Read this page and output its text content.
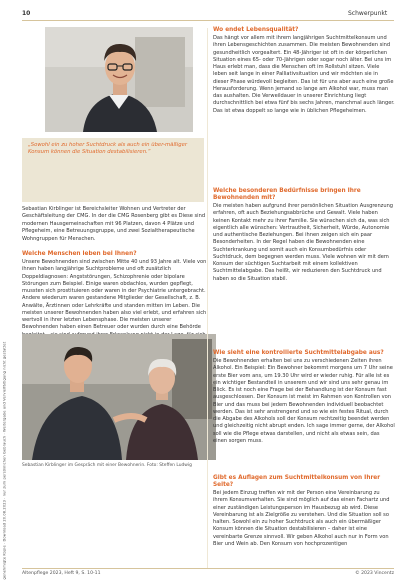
genehmigte Kopie · Download 20.08.2023 · nur zum persönlichen Gebrauch · Weitergabe und Vervielfältigung nicht gestattet
10	Schwerpunkt
„Sowohl ein zu hoher Suchtdruck als auch ein über-mäßiger Konsum können die Situation destabilisieren.“
Sebastian Kirblinger ist Bereichsleiter Wohnen und Vertreter der Geschäftsleitung der CMG. In der die CMG Rosenberg gibt es Diese sind modernen Hausgemeinschaften mit 96 Platzen, davon 4 Plätze und Pflegeheim, eine Betreuungsgruppe, und zwei Sozialtherapeutische Wohngruppen für Menschen.
Welche Menschen leben bei Ihnen?
Unsere Bewohnenden sind zwischen Mitte 40 und 93 Jahre alt. Viele von ihnen haben langjährige Suchtprobleme und oft zusätzlich Doppeldiagnosen: Angststörungen, Schizophrenie oder bipolare Störungen zum Beispiel. Einige waren obdachlos, wurden gepflegt, mussten sich prostituieren oder waren in der Psychiatrie untergebracht. Andere wiederum waren gestandene Mitglieder der Gesellschaft, z. B. Anwälte, Ärztinnen oder Lehrkräfte und standen mitten im Leben. Die meisten unserer Bewohnenden haben also viel erlebt, und erfahren sich wertvoll in ihrer letzten Lebensphase. Die meisten unserer Bewohnenden haben einen Betreuer oder wurden durch eine Behörde
Sebastian Kirblinger im Gespräch mit einer Bewohnerin. Foto: Steffen Ludwig
Wo endet Lebensqualität?
Das hängt vor allem mit ihrem langjährigen Suchtmittelkonsum und ihren Lebensgeschichten zusammen. Die meisten Bewohnenden sind gesundheitlich vorgealtert. Ein 48-Jähriger ist oft in der körperlichen Situation eines 65- oder 70-Jährigen oder sogar noch älter. Bei uns im Haus erlebt man, dass die Menschen oft im Rollstuhl sitzen. Viele leben seit lange in einer Palliativsituation und wir möchten sie in dieser Phase würdevoll begleiten. Das ist für uns aber auch eine große Herausforderung. Wenn jemand so lange am Alkohol war, muss man das aushalten. Die Verweildauer in unserer Einrichtung liegt durchschnittlich bei etwa fünf bis sechs Jahren, manchmal auch länger. Das ist etwa doppelt so lange wie in üblichen Pflegeheimen.
Welche besonderen Bedürfnisse bringen Ihre Bewohnenden mit?
Die meisten haben aufgrund ihrer persönlichen Situation Ausgrenzung erfahren, oft auch Beziehungsabbrüche und Gewalt. Viele haben keinen Kontakt mehr zu ihrer Familie. Sie wünschen sich da, was sich eigentlich alle wünschen: Vertrautheit, Sicherheit, Würde, Autonomie und authentische Beziehungen. Bei ihnen zeigen sich ein paar Besonderheiten. In der Regel haben die Bewohnenden eine Suchterkrankung und somit auch ein Konsumbedürfnis oder Suchtdruck, dem begegnen werden muss. Viele wohnen wir mit dem Konsum der süchtigen Suchtarbeit mit einem kollektiven Suchtmittelabgabe. Das heißt, wir reduzieren den Suchtdruck und haben so die Situation stabil.
Wie sieht eine kontrollierte Suchtmittelabgabe aus?
Die Bewohnenden erhalten bei uns zu verschiedenen Zeiten ihren Alkohol. Ein Beispiel: Ein Bewohner bekommt morgens um 7 Uhr seine erste Bier vom ans, um 19.30 Uhr wird er wieder ruhig. Für alle ist es ein wichtiger Bestandteil in unserem und wir sind uns sehr genau im Blick. Es ist noch eine Frage bei der Behandlung ist der Konsum fast ausgeschlossen. Der Konsum ist meist im Rahmen von Kontrollen von Bier und das muss bei jedem Bewohnenden individuell beobachtet werden. Das ist sehr anstrengend und so wie ein festes Ritual, durch die Abgabe des Alkohols soll der Konsum rechtzeitig beendet werden und gleichzeitig nicht abrupt enden. Ich sage immer gerne, der Alkohol soll wie die Pflege etwas darstellen, und nicht als etwas sein, das einen sorgen muss.
Gibt es Auflagen zum Suchtmittelkonsum von Ihrer Seite?
Bei jedem Einzug treffen wir mit der Person eine Vereinbarung zu ihrem Konsumverhalten. Sie sind möglich auf das einen Fachartz und einer zuständigen Leistungsperson im Hausbezug ab wird. Diese Vereinbarung ist als Zielgröße zu verstehen. Und die Situation soll so halten. Sowohl ein zu hoher Suchtdruck als auch ein übermäßiger Konsum können die Situation destabilisieren – daher ist eine vereinbarte Grenze sinnvoll. Wir geben Alkohol auch nur in Form von Bier und Wein ab. Den Konsum von hochprozentigen
Altenpflege 2023, Heft 9, S. 10-11	© 2023 Vincentz
